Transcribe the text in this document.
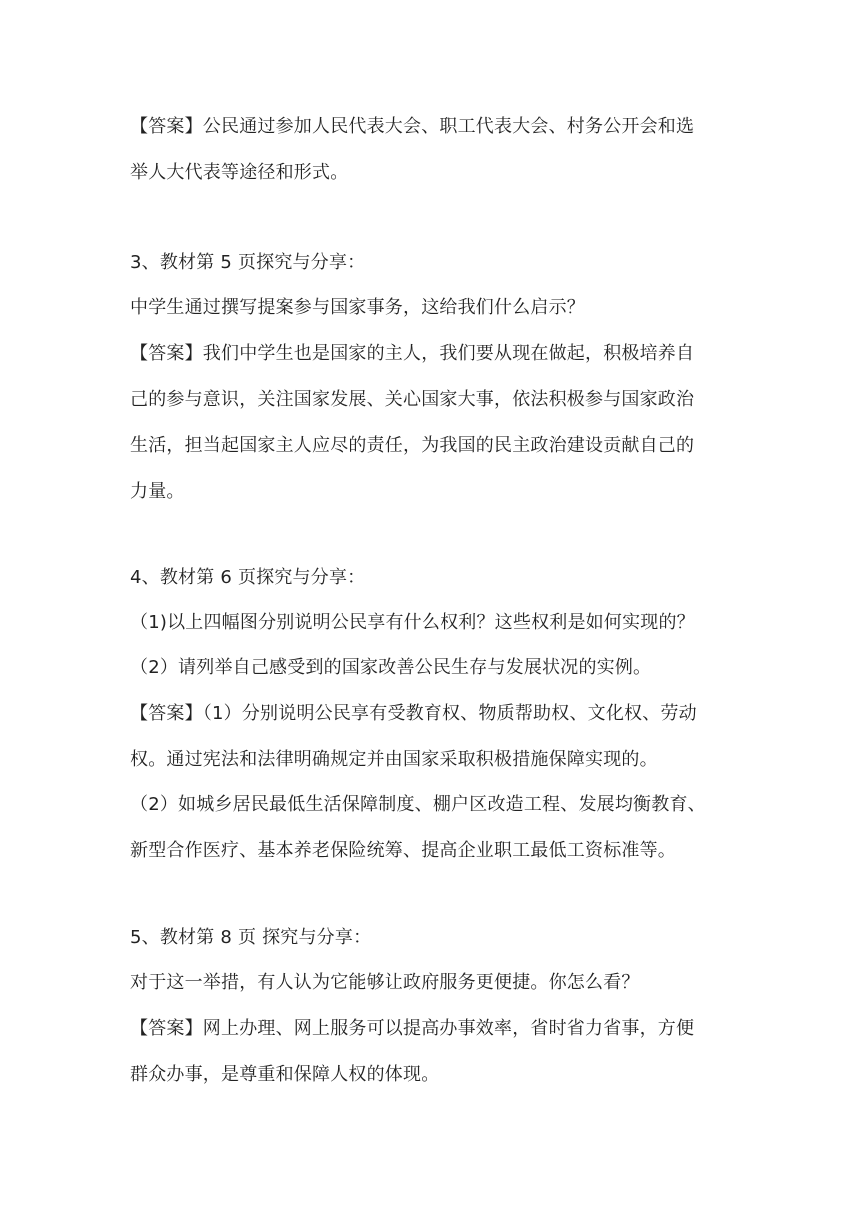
【答案】公民通过参加人民代表大会、职工代表大会、村务公开会和选
举人大代表等途径和形式。
3、教材第 5 页探究与分享：
中学生通过撰写提案参与国家事务，这给我们什么启示？
【答案】我们中学生也是国家的主人，我们要从现在做起，积极培养自
己的参与意识，关注国家发展、关心国家大事，依法积极参与国家政治
生活，担当起国家主人应尽的责任，为我国的民主政治建设贡献自己的
力量。
4、教材第 6 页探究与分享：
（1)以上四幅图分别说明公民享有什么权利？这些权利是如何实现的？
（2）请列举自己感受到的国家改善公民生存与发展状况的实例。
【答案】（1）分别说明公民享有受教育权、物质帮助权、文化权、劳动
权。通过宪法和法律明确规定并由国家采取积极措施保障实现的。
（2）如城乡居民最低生活保障制度、棚户区改造工程、发展均衡教育、
新型合作医疗、基本养老保险统筹、提高企业职工最低工资标准等。
5、教材第 8 页 探究与分享：
对于这一举措，有人认为它能够让政府服务更便捷。你怎么看？
【答案】网上办理、网上服务可以提高办事效率，省时省力省事，方便
群众办事，是尊重和保障人权的体现。
